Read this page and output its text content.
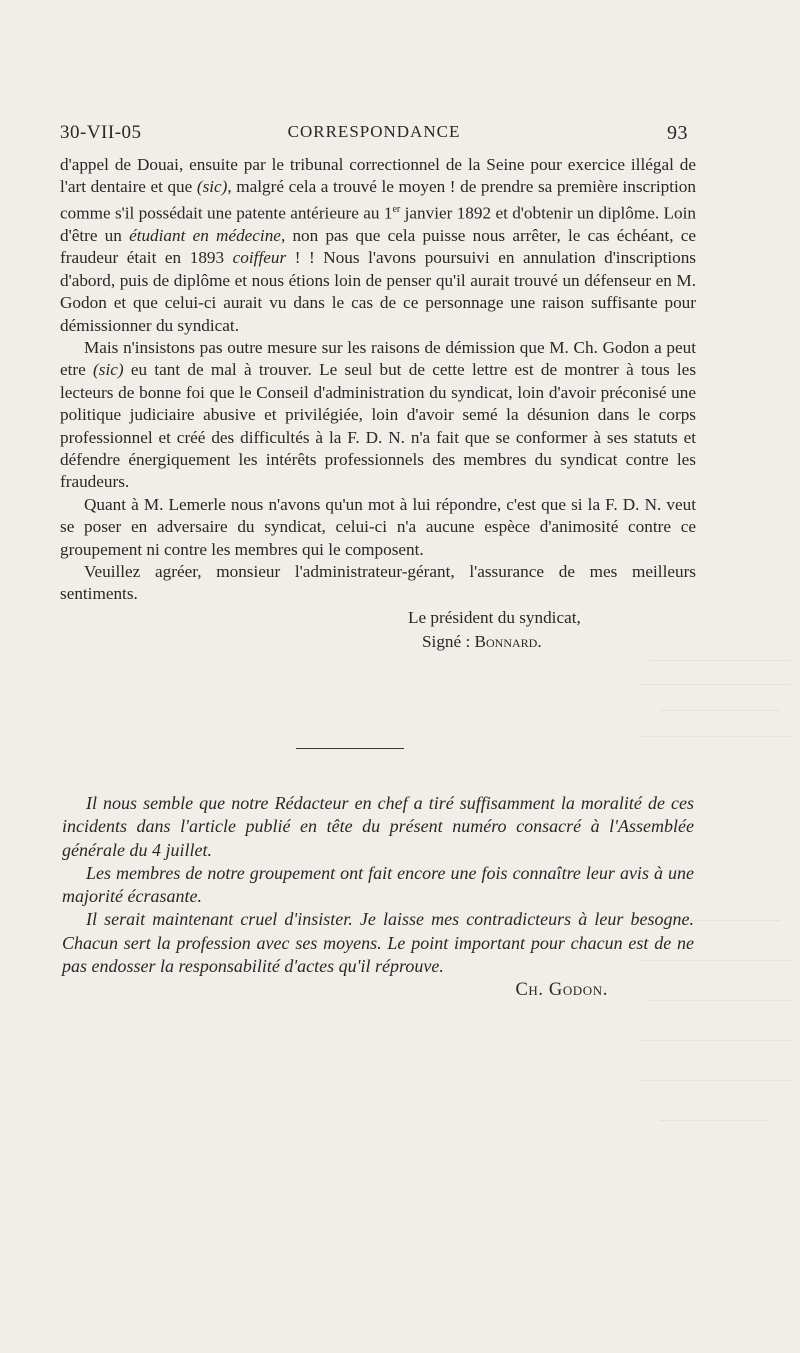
30-VII-05	CORRESPONDANCE	93

d'appel de Douai, ensuite par le tribunal correctionnel de la Seine pour exercice illégal de l'art dentaire et que (sic), malgré cela a trouvé le moyen ! de prendre sa première inscription comme s'il possédait une patente antérieure au 1er janvier 1892 et d'obtenir un diplôme. Loin d'être un étudiant en médecine, non pas que cela puisse nous arrêter, le cas échéant, ce fraudeur était en 1893 coiffeur ! ! Nous l'avons poursuivi en annulation d'inscriptions d'abord, puis de diplôme et nous étions loin de penser qu'il aurait trouvé un défenseur en M. Godon et que celui-ci aurait vu dans le cas de ce personnage une raison suffisante pour démissionner du syndicat.

Mais n'insistons pas outre mesure sur les raisons de démission que M. Ch. Godon a peut etre (sic) eu tant de mal à trouver. Le seul but de cette lettre est de montrer à tous les lecteurs de bonne foi que le Conseil d'administration du syndicat, loin d'avoir préconisé une politique judiciaire abusive et privilégiée, loin d'avoir semé la désunion dans le corps professionnel et créé des difficultés à la F. D. N. n'a fait que se conformer à ses statuts et défendre énergiquement les intérêts professionnels des membres du syndicat contre les fraudeurs.

Quant à M. Lemerle nous n'avons qu'un mot à lui répondre, c'est que si la F. D. N. veut se poser en adversaire du syndicat, celui-ci n'a aucune espèce d'animosité contre ce groupement ni contre les membres qui le composent.

Veuillez agréer, monsieur l'administrateur-gérant, l'assurance de mes meilleurs sentiments.

Le président du syndicat,

Signé : Bonnard.

Il nous semble que notre Rédacteur en chef a tiré suffisamment la moralité de ces incidents dans l'article publié en tête du présent numéro consacré à l'Assemblée générale du 4 juillet.

Les membres de notre groupement ont fait encore une fois connaître leur avis à une majorité écrasante.

Il serait maintenant cruel d'insister. Je laisse mes contradicteurs à leur besogne. Chacun sert la profession avec ses moyens. Le point important pour chacun est de ne pas endosser la responsabilité d'actes qu'il réprouve.

Ch. Godon.
